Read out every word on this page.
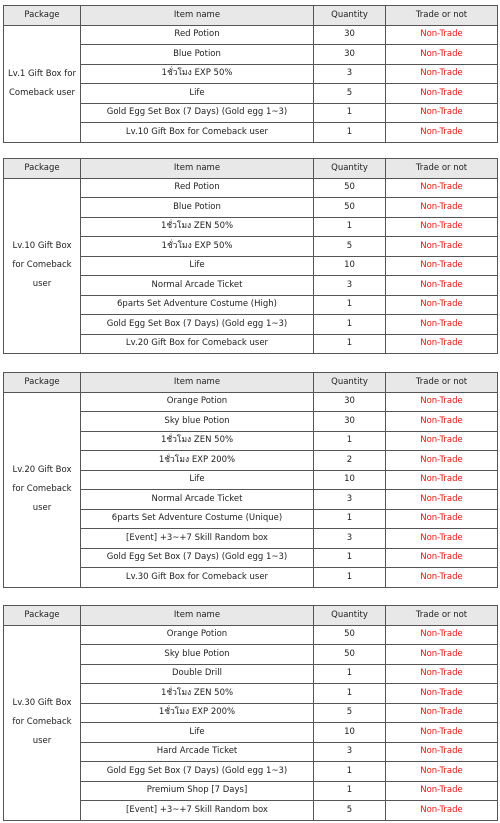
Package	Item name	Quantity	Trade or not
Lv.1 Gift Box for Comeback user	Red Potion	30	Non-Trade
	Blue Potion	30	Non-Trade
	1ชั่วโมง EXP 50%	3	Non-Trade
	Life	5	Non-Trade
	Gold Egg Set Box (7 Days) (Gold egg 1~3)	1	Non-Trade
	Lv.10 Gift Box for Comeback user	1	Non-Trade
Package	Item name	Quantity	Trade or not
Lv.10 Gift Box for Comeback user	Red Potion	50	Non-Trade
	Blue Potion	50	Non-Trade
	1ชั่วโมง ZEN 50%	1	Non-Trade
	1ชั่วโมง EXP 50%	5	Non-Trade
	Life	10	Non-Trade
	Normal Arcade Ticket	3	Non-Trade
	6parts Set Adventure Costume (High)	1	Non-Trade
	Gold Egg Set Box (7 Days) (Gold egg 1~3)	1	Non-Trade
	Lv.20 Gift Box for Comeback user	1	Non-Trade
Package	Item name	Quantity	Trade or not
Lv.20 Gift Box for Comeback user	Orange Potion	30	Non-Trade
	Sky blue Potion	30	Non-Trade
	1ชั่วโมง ZEN 50%	1	Non-Trade
	1ชั่วโมง EXP 200%	2	Non-Trade
	Life	10	Non-Trade
	Normal Arcade Ticket	3	Non-Trade
	6parts Set Adventure Costume (Unique)	1	Non-Trade
	[Event] +3~+7 Skill Random box	3	Non-Trade
	Gold Egg Set Box (7 Days) (Gold egg 1~3)	1	Non-Trade
	Lv.30 Gift Box for Comeback user	1	Non-Trade
Package	Item name	Quantity	Trade or not
Lv.30 Gift Box for Comeback user	Orange Potion	50	Non-Trade
	Sky blue Potion	50	Non-Trade
	Double Drill	1	Non-Trade
	1ชั่วโมง ZEN 50%	1	Non-Trade
	1ชั่วโมง EXP 200%	5	Non-Trade
	Life	10	Non-Trade
	Hard Arcade Ticket	3	Non-Trade
	Gold Egg Set Box (7 Days) (Gold egg 1~3)	1	Non-Trade
	Premium Shop [7 Days]	1	Non-Trade
	[Event] +3~+7 Skill Random box	5	Non-Trade
